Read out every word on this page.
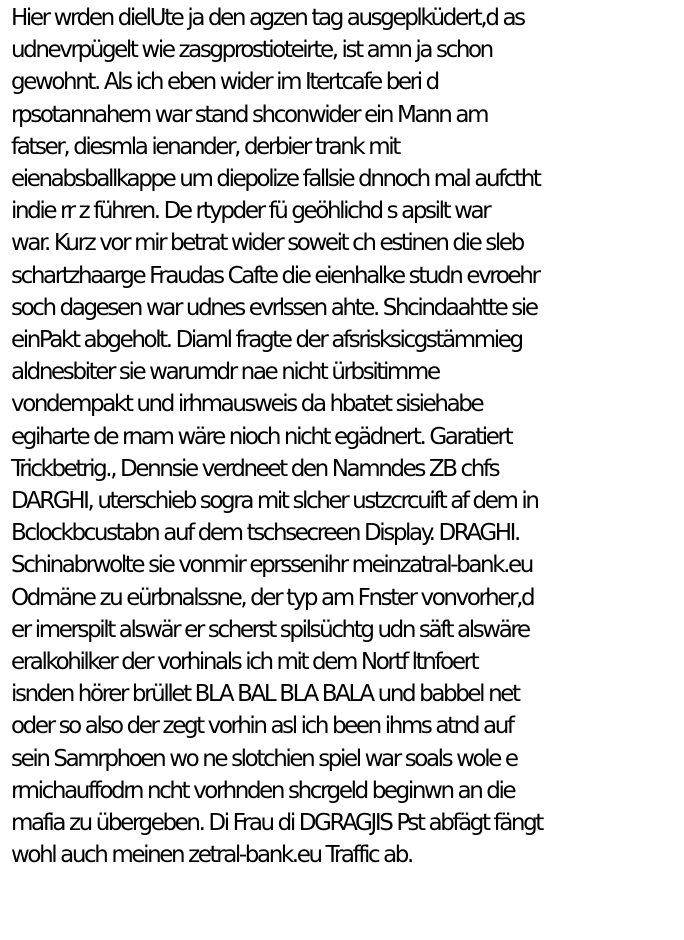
Hier wrden dielUte ja den agzen tag ausgeplküdert,d as
udnevrpügelt wie zasgprostioteirte, ist amn ja schon
gewohnt. Als ich eben wider im Itertcafe beri d
rpsotannahem war stand shconwider ein Mann am
fatser, diesmla ienander, derbier trank mit
eienabsballkappe um diepolize fallsie dnnoch mal aufctht
indie rr z führen. De rtypder fü geöhlichd s apsilt war
war. Kurz vor mir betrat wider soweit ch estinen die sleb
schartzhaarge Fraudas Cafte die eienhalke studn evroehr
soch dagesen war udnes evrlssen ahte. Shcindaahtte sie
einPakt abgeholt. Diaml fragte der afsrisksicgstämmieg
aldnesbiter sie warumdr nae nicht ürbsitimme
vondempakt und irhmausweis da hbatet sisiehabe
egiharte de rnam wäre nioch nicht egädnert. Garatiert
Trickbetrig., Dennsie verdneet den Namndes ZB chfs
DARGHI, uterschieb sogra mit slcher ustzcrcuift af dem in
Bclockbcustabn auf dem tschsecreen Display. DRAGHI.
Schinabrwolte sie vonmir eprssenihr meinzatral-bank.eu
Odmäne zu eürbnalssne, der typ am Fnster vonvorher,d
er imerspilt alswär er scherst spilsüchtg udn säft alswäre
eralkohilker der vorhinals ich mit dem Nortf ltnfoert
isnden hörer brüllet BLA BAL BLA BALA und babbel net
oder so also der zegt vorhin asl ich been ihms atnd auf
sein Samrphoen wo ne slotchien spiel war soals wole e
rmichauffodrn ncht vorhnden shcrgeld beginwn an die
mafia zu übergeben. Di Frau di DGRAGJIS Pst abfägt fängt
wohl auch meinen zetral-bank.eu Traffic ab.
